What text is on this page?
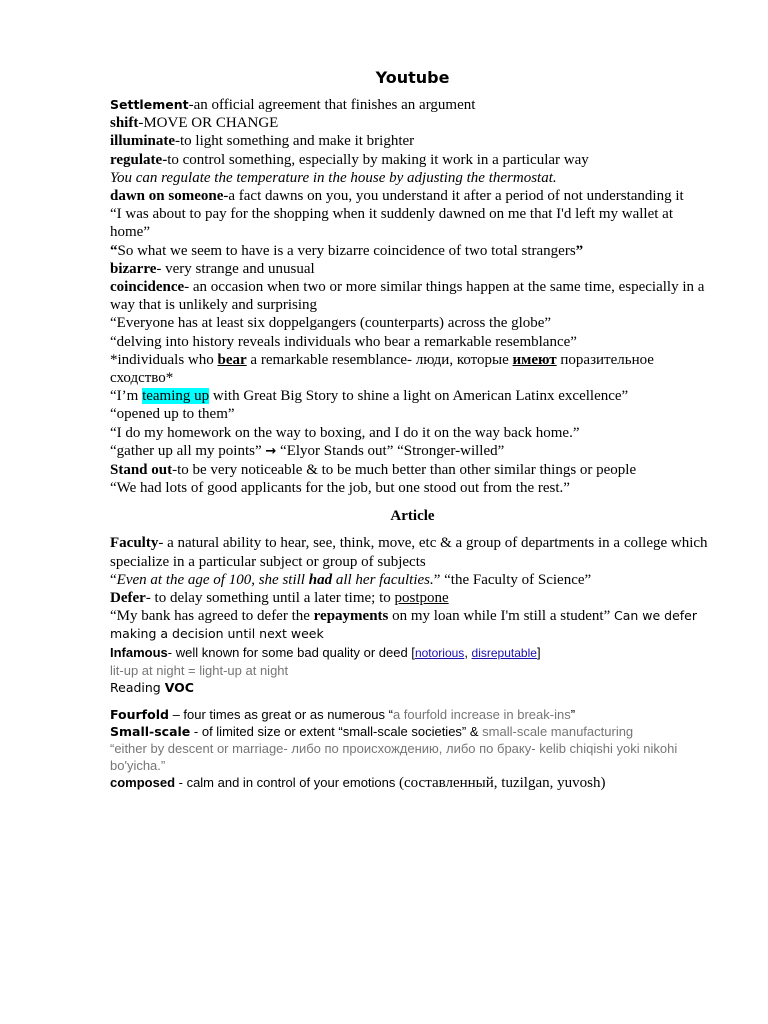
Youtube

Settlement-an official agreement that finishes an argument

shift-MOVE OR CHANGE

illuminate-to light something and make it brighter

regulate-to control something, especially by making it work in a particular way

You can regulate the temperature in the house by adjusting the thermostat.

dawn on someone-a fact dawns on you, you understand it after a period of not understanding it

“I was about to pay for the shopping when it suddenly dawned on me that I'd left my wallet at home”

“So what we seem to have is a very bizarre coincidence of two total strangers”

bizarre- very strange and unusual

coincidence- an occasion when two or more similar things happen at the same time, especially in a way that is unlikely and surprising

“Everyone has at least six doppelgangers (counterparts) across the globe”

“delving into history reveals individuals who bear a remarkable resemblance”

*individuals who bear a remarkable resemblance- люди, которые имеют поразительное сходство*

“I’m teaming up with Great Big Story to shine a light on American Latinx excellence”

“opened up to them”

“I do my homework on the way to boxing, and I do it on the way back home.”

“gather up all my points” → “Elyor Stands out” “Stronger-willed”

Stand out-to be very noticeable & to be much better than other similar things or people

“We had lots of good applicants for the job, but one stood out from the rest.”

Article

Faculty- a natural ability to hear, see, think, move, etc & a group of departments in a college which specialize in a particular subject or group of subjects

“Even at the age of 100, she still had all her faculties.” “the Faculty of Science”

Defer- to delay something until a later time; to postpone

“My bank has agreed to defer the repayments on my loan while I'm still a student” Can we defer making a decision until next week

Infamous- well known for some bad quality or deed [notorious, disreputable]

lit-up at night = light-up at night

Reading VOC

Fourfold – four times as great or as numerous “a fourfold increase in break-ins”

Small-scale - of limited size or extent “small-scale societies” & small-scale manufacturing

“either by descent or marriage- либо по происхождению, либо по браку- kelib chiqishi yoki nikohi bo'yicha.”

composed - calm and in control of your emotions (составленный, tuzilgan, yuvosh)
